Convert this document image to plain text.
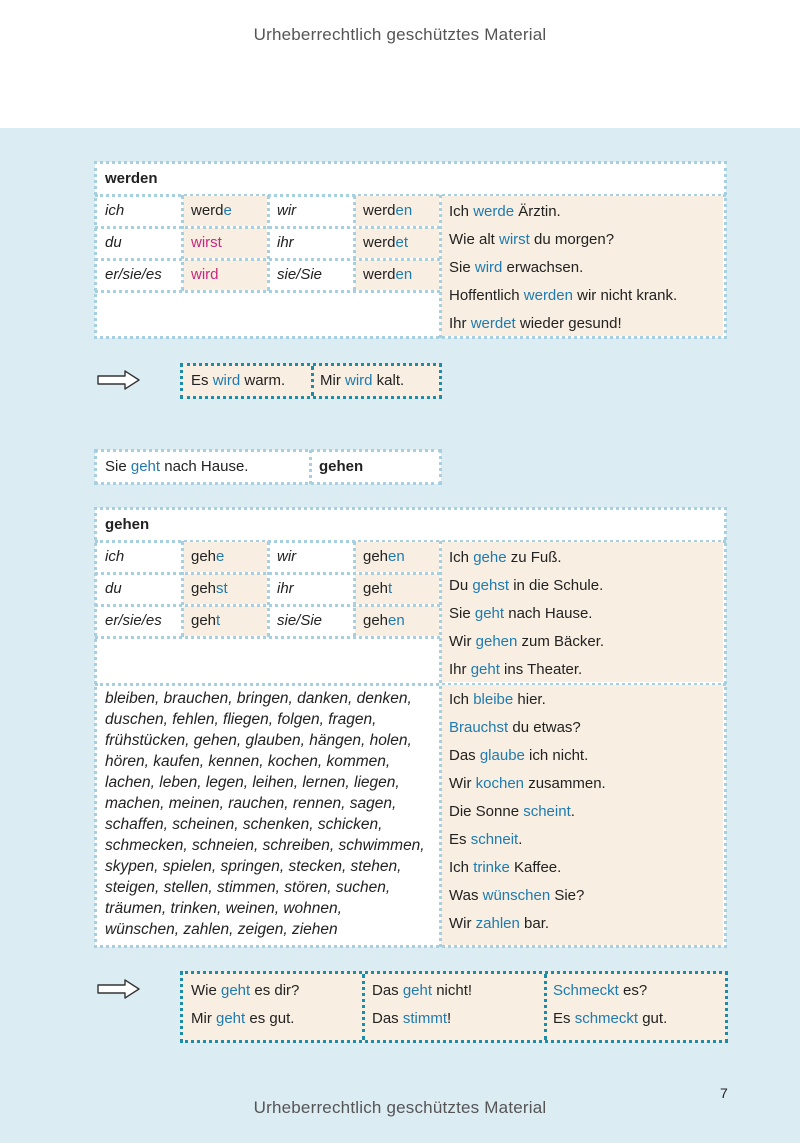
Urheberrechtlich geschütztes Material
werden
Ich werde Ärztin.
Wie alt wirst du morgen?
Sie wird erwachsen.
Hoffentlich werden wir nicht krank.
Ihr werdet wieder gesund!
ich	werde	wir	werden
du	wirst	ihr	werdet
er/sie/es	wird	sie/Sie	werden
Es wird warm.	Mir wird kalt.
Sie geht nach Hause.	gehen
gehen
Ich gehe zu Fuß.
Du gehst in die Schule.
Sie geht nach Hause.
Wir gehen zum Bäcker.
Ihr geht ins Theater.
ich	gehe	wir	gehen
du	gehst	ihr	geht
er/sie/es	geht	sie/Sie	gehen
bleiben, brauchen, bringen, danken, denken,
duschen, fehlen, fliegen, folgen, fragen,
frühstücken, gehen, glauben, hängen, holen,
hören, kaufen, kennen, kochen, kommen,
lachen, leben, legen, leihen, lernen, liegen,
machen, meinen, rauchen, rennen, sagen,
schaffen, scheinen, schenken, schicken,
schmecken, schneien, schreiben, schwimmen,
skypen, spielen, springen, stecken, stehen,
steigen, stellen, stimmen, stören, suchen,
träumen, trinken, weinen, wohnen,
wünschen, zahlen, zeigen, ziehen
Ich bleibe hier.
Brauchst du etwas?
Das glaube ich nicht.
Wir kochen zusammen.
Die Sonne scheint.
Es schneit.
Ich trinke Kaffee.
Was wünschen Sie?
Wir zahlen bar.
Wie geht es dir?
Mir geht es gut.
Das geht nicht!
Das stimmt!
Schmeckt es?
Es schmeckt gut.
7
Urheberrechtlich geschütztes Material
